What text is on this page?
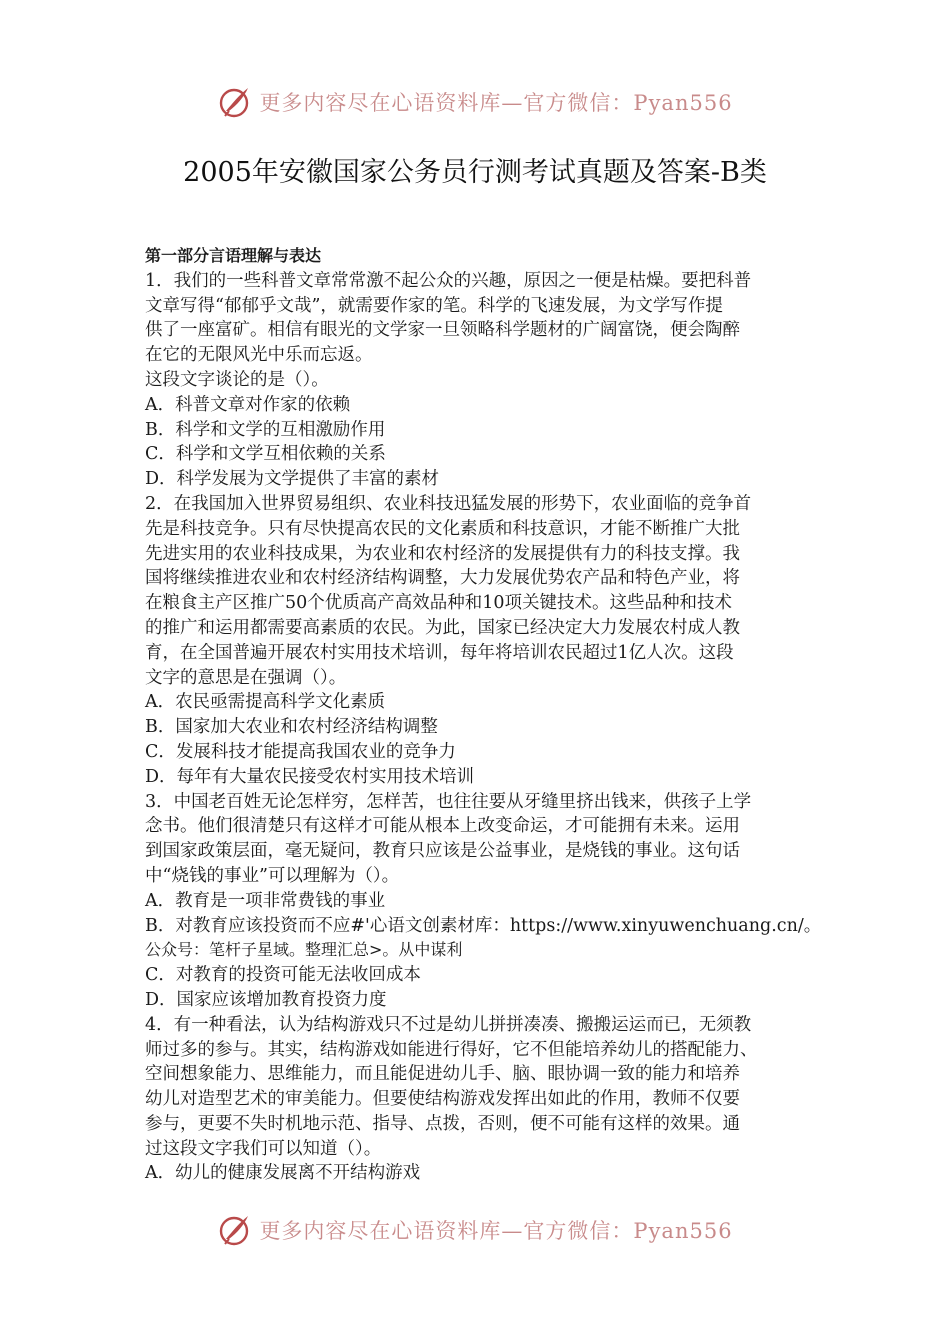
更多内容尽在心语资料库—官方微信：Pyan556
2005年安徽国家公务员行测考试真题及答案-B类
第一部分言语理解与表达
1．我们的一些科普文章常常激不起公众的兴趣，原因之一便是枯燥。要把科普
文章写得“郁郁乎文哉”，就需要作家的笔。科学的飞速发展，为文学写作提
供了一座富矿。相信有眼光的文学家一旦领略科学题材的广阔富饶，便会陶醉
在它的无限风光中乐而忘返。
这段文字谈论的是（）。
A．科普文章对作家的依赖
B．科学和文学的互相激励作用
C．科学和文学互相依赖的关系
D．科学发展为文学提供了丰富的素材
2．在我国加入世界贸易组织、农业科技迅猛发展的形势下，农业面临的竞争首
先是科技竞争。只有尽快提高农民的文化素质和科技意识，才能不断推广大批
先进实用的农业科技成果，为农业和农村经济的发展提供有力的科技支撑。我
国将继续推进农业和农村经济结构调整，大力发展优势农产品和特色产业，将
在粮食主产区推广50个优质高产高效品种和10项关键技术。这些品种和技术
的推广和运用都需要高素质的农民。为此，国家已经决定大力发展农村成人教
育，在全国普遍开展农村实用技术培训，每年将培训农民超过1亿人次。这段
文字的意思是在强调（）。
A．农民亟需提高科学文化素质
B．国家加大农业和农村经济结构调整
C．发展科技才能提高我国农业的竞争力
D．每年有大量农民接受农村实用技术培训
3．中国老百姓无论怎样穷，怎样苦，也往往要从牙缝里挤出钱来，供孩子上学
念书。他们很清楚只有这样才可能从根本上改变命运，才可能拥有未来。运用
到国家政策层面，毫无疑问，教育只应该是公益事业，是烧钱的事业。这句话
中“烧钱的事业”可以理解为（）。
A．教育是一项非常费钱的事业
B．对教育应该投资而不应#'心语文创素材库：https://www.xinyuwenchuang.cn/。
公众号：笔杆子星域。整理汇总>。从中谋利
C．对教育的投资可能无法收回成本
D．国家应该增加教育投资力度
4．有一种看法，认为结构游戏只不过是幼儿拼拼凑凑、搬搬运运而已，无须教
师过多的参与。其实，结构游戏如能进行得好，它不但能培养幼儿的搭配能力、
空间想象能力、思维能力，而且能促进幼儿手、脑、眼协调一致的能力和培养
幼儿对造型艺术的审美能力。但要使结构游戏发挥出如此的作用，教师不仅要
参与，更要不失时机地示范、指导、点拨，否则，便不可能有这样的效果。通
过这段文字我们可以知道（）。
A．幼儿的健康发展离不开结构游戏
更多内容尽在心语资料库—官方微信：Pyan556
